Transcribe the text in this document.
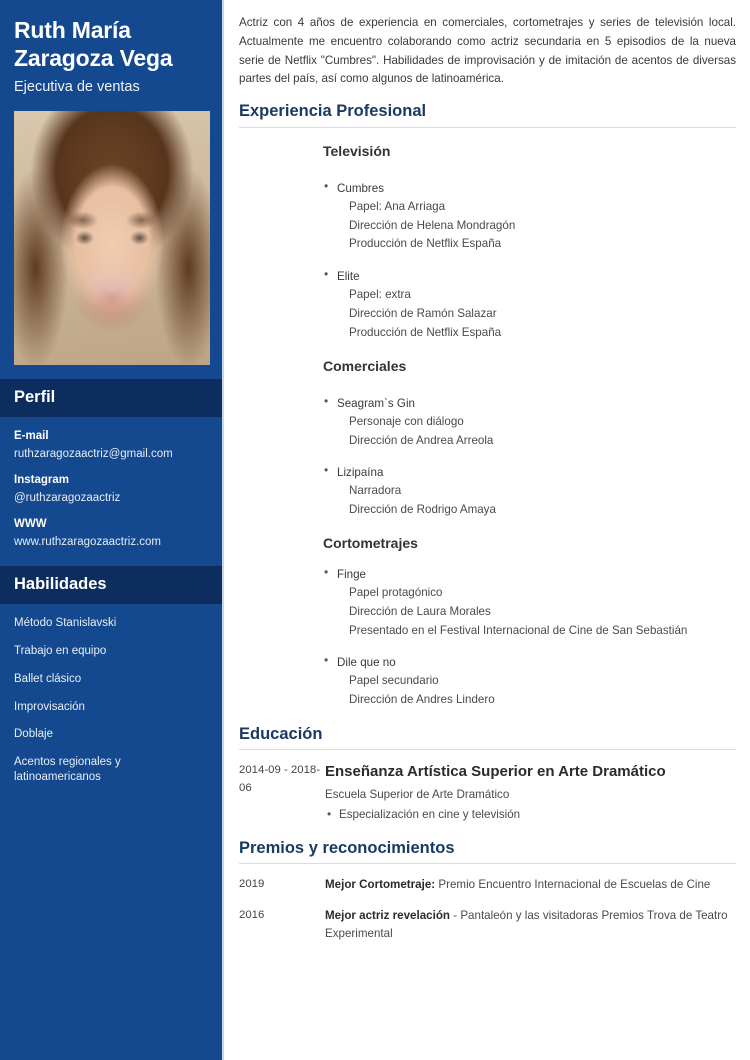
Ruth María Zaragoza Vega
Ejecutiva de ventas
Perfil
E-mail
ruthzaragozaactriz@gmail.com
Instagram
@ruthzaragozaactriz
WWW
www.ruthzaragozaactriz.com
Habilidades
Método Stanislavski
Trabajo en equipo
Ballet clásico
Improvisación
Doblaje
Acentos regionales y latinoamericanos

Actriz con 4 años de experiencia en comerciales, cortometrajes y series de televisión local. Actualmente me encuentro colaborando como actriz secundaria en 5 episodios de la nueva serie de Netflix "Cumbres". Habilidades de improvisación y de imitación de acentos de diversas partes del país, así como algunos de latinoamérica.

Experiencia Profesional
Televisión
• Cumbres
Papel: Ana Arriaga
Dirección de Helena Mondragón
Producción de Netflix España
• Elite
Papel: extra
Dirección de Ramón Salazar
Producción de Netflix España
Comerciales
• Seagram`s Gin
Personaje con diálogo
Dirección de Andrea Arreola
• Lizipaína
Narradora
Dirección de Rodrigo Amaya
Cortometrajes
• Finge
Papel protagónico
Dirección de Laura Morales
Presentado en el Festival Internacional de Cine de San Sebastián
• Dile que no
Papel secundario
Dirección de Andres Lindero
Educación
2014-09 - 2018-06
Enseñanza Artística Superior en Arte Dramático
Escuela Superior de Arte Dramático
• Especialización en cine y televisión
Premios y reconocimientos
2019	Mejor Cortometraje: Premio Encuentro Internacional de Escuelas de Cine
2016	Mejor actriz revelación - Pantaleón y las visitadoras Premios Trova de Teatro Experimental
